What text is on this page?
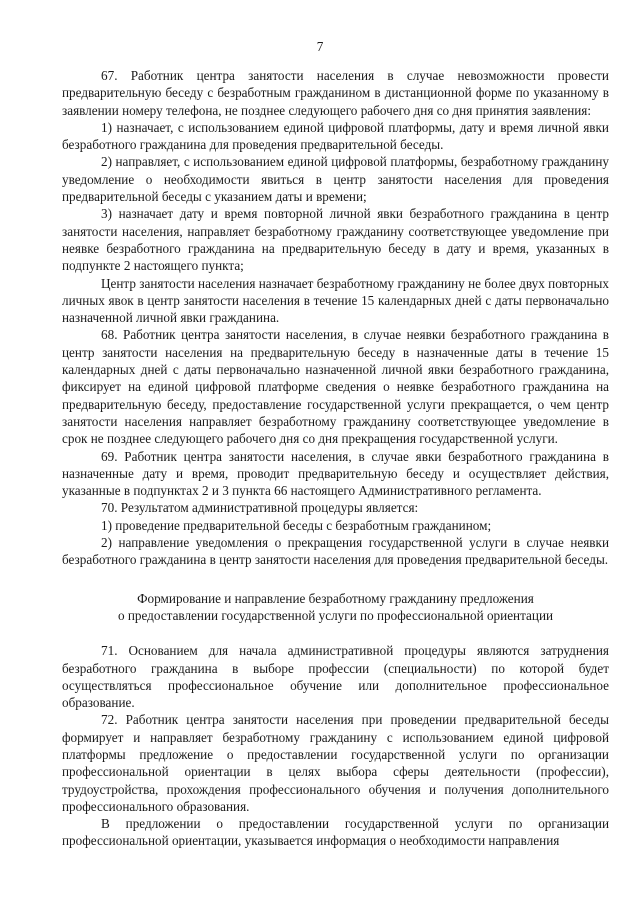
7

67. Работник центра занятости населения в случае невозможности провести предварительную беседу с безработным гражданином в дистанционной форме по указанному в заявлении номеру телефона, не позднее следующего рабочего дня со дня принятия заявления:

1) назначает, с использованием единой цифровой платформы, дату и время личной явки безработного гражданина для проведения предварительной беседы.

2) направляет, с использованием единой цифровой платформы, безработному гражданину уведомление о необходимости явиться в центр занятости населения для проведения предварительной беседы с указанием даты и времени;

3) назначает дату и время повторной личной явки безработного гражданина в центр занятости населения, направляет безработному гражданину соответствующее уведомление при неявке безработного гражданина на предварительную беседу в дату и время, указанных в подпункте 2 настоящего пункта;

Центр занятости населения назначает безработному гражданину не более двух повторных личных явок в центр занятости населения в течение 15 календарных дней с даты первоначально назначенной личной явки гражданина.

68. Работник центра занятости населения, в случае неявки безработного гражданина в центр занятости населения на предварительную беседу в назначенные даты в течение 15 календарных дней с даты первоначально назначенной личной явки безработного гражданина, фиксирует на единой цифровой платформе сведения о неявке безработного гражданина на предварительную беседу, предоставление государственной услуги прекращается, о чем центр занятости населения направляет безработному гражданину соответствующее уведомление в срок не позднее следующего рабочего дня со дня прекращения государственной услуги.

69. Работник центра занятости населения, в случае явки безработного гражданина в назначенные дату и время, проводит предварительную беседу и осуществляет действия, указанные в подпунктах 2 и 3 пункта 66 настоящего Административного регламента.

70. Результатом административной процедуры является:

1) проведение предварительной беседы с безработным гражданином;

2) направление уведомления о прекращения государственной услуги в случае неявки безработного гражданина в центр занятости населения для проведения предварительной беседы.

Формирование и направление безработному гражданину предложения

о предоставлении государственной услуги по профессиональной ориентации

71. Основанием для начала административной процедуры являются затруднения безработного гражданина в выборе профессии (специальности) по которой будет осуществляться профессиональное обучение или дополнительное профессиональное образование.

72. Работник центра занятости населения при проведении предварительной беседы формирует и направляет безработному гражданину с использованием единой цифровой платформы предложение о предоставлении государственной услуги по организации профессиональной ориентации в целях выбора сферы деятельности (профессии), трудоустройства, прохождения профессионального обучения и получения дополнительного профессионального образования.

В предложении о предоставлении государственной услуги по организации профессиональной ориентации, указывается информация о необходимости направления
